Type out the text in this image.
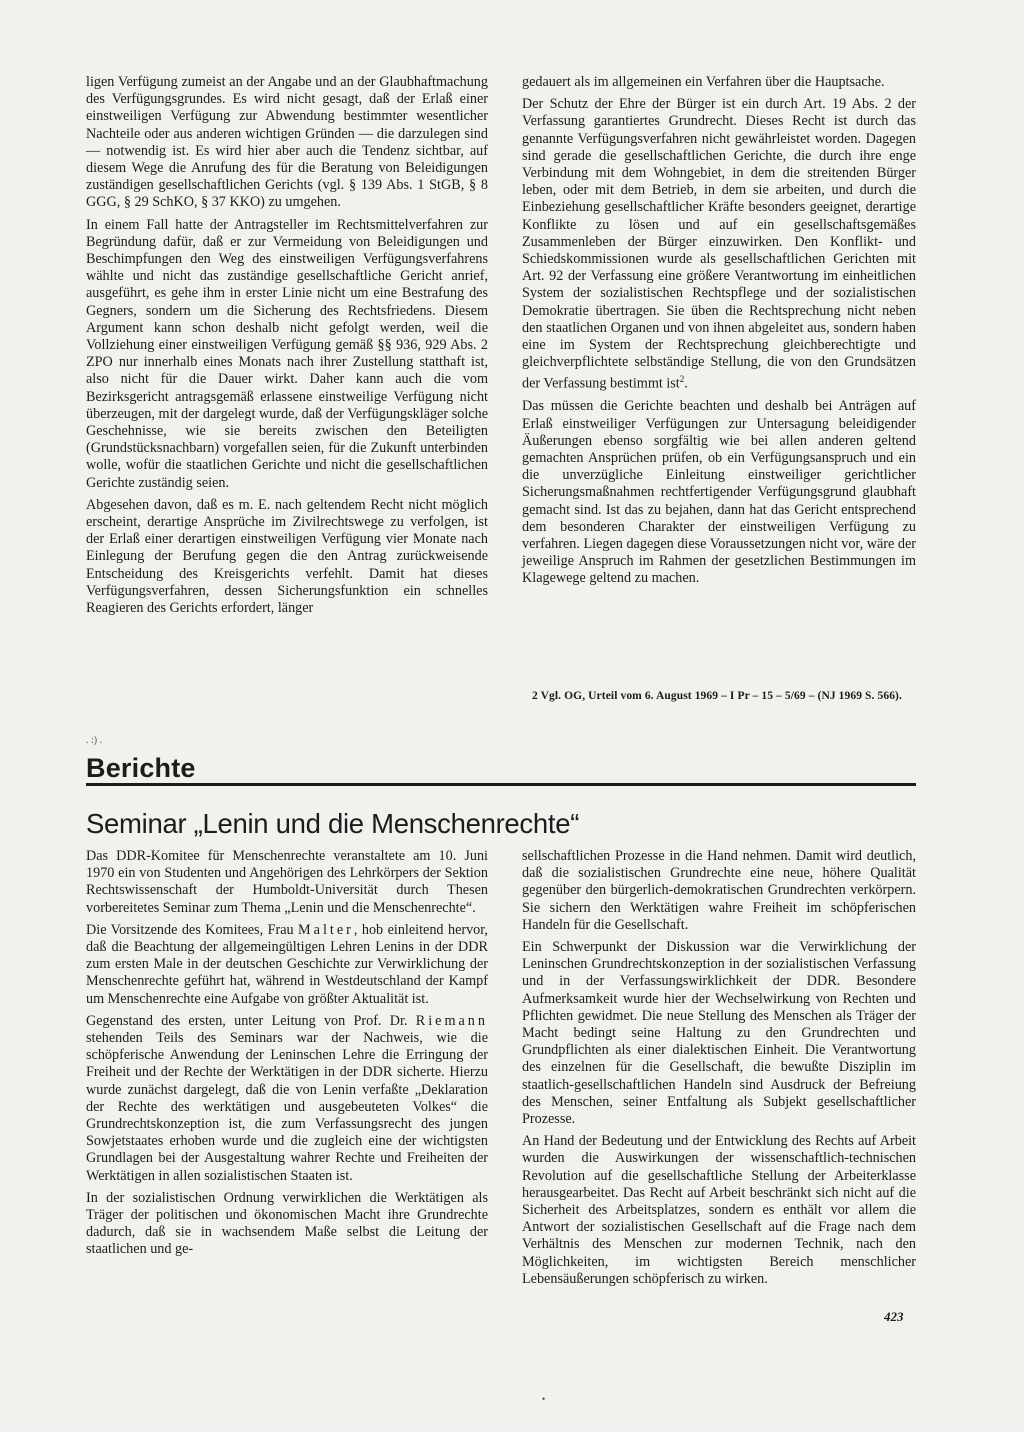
ligen Verfügung zumeist an der Angabe und an der Glaubhaftmachung des Verfügungsgrundes. Es wird nicht gesagt, daß der Erlaß einer einstweiligen Verfügung zur Abwendung bestimmter wesentlicher Nachteile oder aus anderen wichtigen Gründen — die darzulegen sind — notwendig ist. Es wird hier aber auch die Tendenz sichtbar, auf diesem Wege die Anrufung des für die Beratung von Beleidigungen zuständigen gesellschaftlichen Gerichts (vgl. § 139 Abs. 1 StGB, § 8 GGG, § 29 SchKO, § 37 KKO) zu umgehen.

In einem Fall hatte der Antragsteller im Rechtsmittelverfahren zur Begründung dafür, daß er zur Vermeidung von Beleidigungen und Beschimpfungen den Weg des einstweiligen Verfügungsverfahrens wählte und nicht das zuständige gesellschaftliche Gericht anrief, ausgeführt, es gehe ihm in erster Linie nicht um eine Bestrafung des Gegners, sondern um die Sicherung des Rechtsfriedens. Diesem Argument kann schon deshalb nicht gefolgt werden, weil die Vollziehung einer einstweiligen Verfügung gemäß §§ 936, 929 Abs. 2 ZPO nur innerhalb eines Monats nach ihrer Zustellung statthaft ist, also nicht für die Dauer wirkt. Daher kann auch die vom Bezirksgericht antragsgemäß erlassene einstweilige Verfügung nicht überzeugen, mit der dargelegt wurde, daß der Verfügungskläger solche Geschehnisse, wie sie bereits zwischen den Beteiligten (Grundstücksnachbarn) vorgefallen seien, für die Zukunft unterbinden wolle, wofür die staatlichen Gerichte und nicht die gesellschaftlichen Gerichte zuständig seien.

Abgesehen davon, daß es m. E. nach geltendem Recht nicht möglich erscheint, derartige Ansprüche im Zivilrechtswege zu verfolgen, ist der Erlaß einer derartigen einstweiligen Verfügung vier Monate nach Einlegung der Berufung gegen die den Antrag zurückweisende Entscheidung des Kreisgerichts verfehlt. Damit hat dieses Verfügungsverfahren, dessen Sicherungsfunktion ein schnelles Reagieren des Gerichts erfordert, länger

gedauert als im allgemeinen ein Verfahren über die Hauptsache.

Der Schutz der Ehre der Bürger ist ein durch Art. 19 Abs. 2 der Verfassung garantiertes Grundrecht. Dieses Recht ist durch das genannte Verfügungsverfahren nicht gewährleistet worden. Dagegen sind gerade die gesellschaftlichen Gerichte, die durch ihre enge Verbindung mit dem Wohngebiet, in dem die streitenden Bürger leben, oder mit dem Betrieb, in dem sie arbeiten, und durch die Einbeziehung gesellschaftlicher Kräfte besonders geeignet, derartige Konflikte zu lösen und auf ein gesellschaftsgemäßes Zusammenleben der Bürger einzuwirken. Den Konflikt- und Schiedskommissionen wurde als gesellschaftlichen Gerichten mit Art. 92 der Verfassung eine größere Verantwortung im einheitlichen System der sozialistischen Rechtspflege und der sozialistischen Demokratie übertragen. Sie üben die Rechtsprechung nicht neben den staatlichen Organen und von ihnen abgeleitet aus, sondern haben eine im System der Rechtsprechung gleichberechtigte und gleichverpflichtete selbständige Stellung, die von den Grundsätzen der Verfassung bestimmt ist$^2$.

Das müssen die Gerichte beachten und deshalb bei Anträgen auf Erlaß einstweiliger Verfügungen zur Untersagung beleidigender Äußerungen ebenso sorgfältig wie bei allen anderen geltend gemachten Ansprüchen prüfen, ob ein Verfügungsanspruch und ein die unverzügliche Einleitung einstweiliger gerichtlicher Sicherungsmaßnahmen rechtfertigender Verfügungsgrund glaubhaft gemacht sind. Ist das zu bejahen, dann hat das Gericht entsprechend dem besonderen Charakter der einstweiligen Verfügung zu verfahren. Liegen dagegen diese Voraussetzungen nicht vor, wäre der jeweilige Anspruch im Rahmen der gesetzlichen Bestimmungen im Klagewege geltend zu machen.

2 Vgl. OG, Urteil vom 6. August 1969 – I Pr – 15 – 5/69 – (NJ 1969 S. 566).
. :) .
Berichte
Seminar „Lenin und die Menschenrechte“

Das DDR-Komitee für Menschenrechte veranstaltete am 10. Juni 1970 ein von Studenten und Angehörigen des Lehrkörpers der Sektion Rechtswissenschaft der Humboldt-Universität durch Thesen vorbereitetes Seminar zum Thema „Lenin und die Menschenrechte“.

Die Vorsitzende des Komitees, Frau Malter, hob einleitend hervor, daß die Beachtung der allgemeingültigen Lehren Lenins in der DDR zum ersten Male in der deutschen Geschichte zur Verwirklichung der Menschenrechte geführt hat, während in Westdeutschland der Kampf um Menschenrechte eine Aufgabe von größter Aktualität ist.

Gegenstand des ersten, unter Leitung von Prof. Dr. Riemann stehenden Teils des Seminars war der Nachweis, wie die schöpferische Anwendung der Leninschen Lehre die Erringung der Freiheit und der Rechte der Werktätigen in der DDR sicherte. Hierzu wurde zunächst dargelegt, daß die von Lenin verfaßte „Deklaration der Rechte des werktätigen und ausgebeuteten Volkes“ die Grundrechtskonzeption ist, die zum Verfassungsrecht des jungen Sowjetstaates erhoben wurde und die zugleich eine der wichtigsten Grundlagen bei der Ausgestaltung wahrer Rechte und Freiheiten der Werktätigen in allen sozialistischen Staaten ist.

In der sozialistischen Ordnung verwirklichen die Werktätigen als Träger der politischen und ökonomischen Macht ihre Grundrechte dadurch, daß sie in wachsendem Maße selbst die Leitung der staatlichen und ge-

sellschaftlichen Prozesse in die Hand nehmen. Damit wird deutlich, daß die sozialistischen Grundrechte eine neue, höhere Qualität gegenüber den bürgerlich-demokratischen Grundrechten verkörpern. Sie sichern den Werktätigen wahre Freiheit im schöpferischen Handeln für die Gesellschaft.

Ein Schwerpunkt der Diskussion war die Verwirklichung der Leninschen Grundrechtskonzeption in der sozialistischen Verfassung und in der Verfassungswirklichkeit der DDR. Besondere Aufmerksamkeit wurde hier der Wechselwirkung von Rechten und Pflichten gewidmet. Die neue Stellung des Menschen als Träger der Macht bedingt seine Haltung zu den Grundrechten und Grundpflichten als einer dialektischen Einheit. Die Verantwortung des einzelnen für die Gesellschaft, die bewußte Disziplin im staatlich-gesellschaftlichen Handeln sind Ausdruck der Befreiung des Menschen, seiner Entfaltung als Subjekt gesellschaftlicher Prozesse.

An Hand der Bedeutung und der Entwicklung des Rechts auf Arbeit wurden die Auswirkungen der wissenschaftlich-technischen Revolution auf die gesellschaftliche Stellung der Arbeiterklasse herausgearbeitet. Das Recht auf Arbeit beschränkt sich nicht auf die Sicherheit des Arbeitsplatzes, sondern es enthält vor allem die Antwort der sozialistischen Gesellschaft auf die Frage nach dem Verhältnis des Menschen zur modernen Technik, nach den Möglichkeiten, im wichtigsten Bereich menschlicher Lebensäußerungen schöpferisch zu wirken.

423
•
